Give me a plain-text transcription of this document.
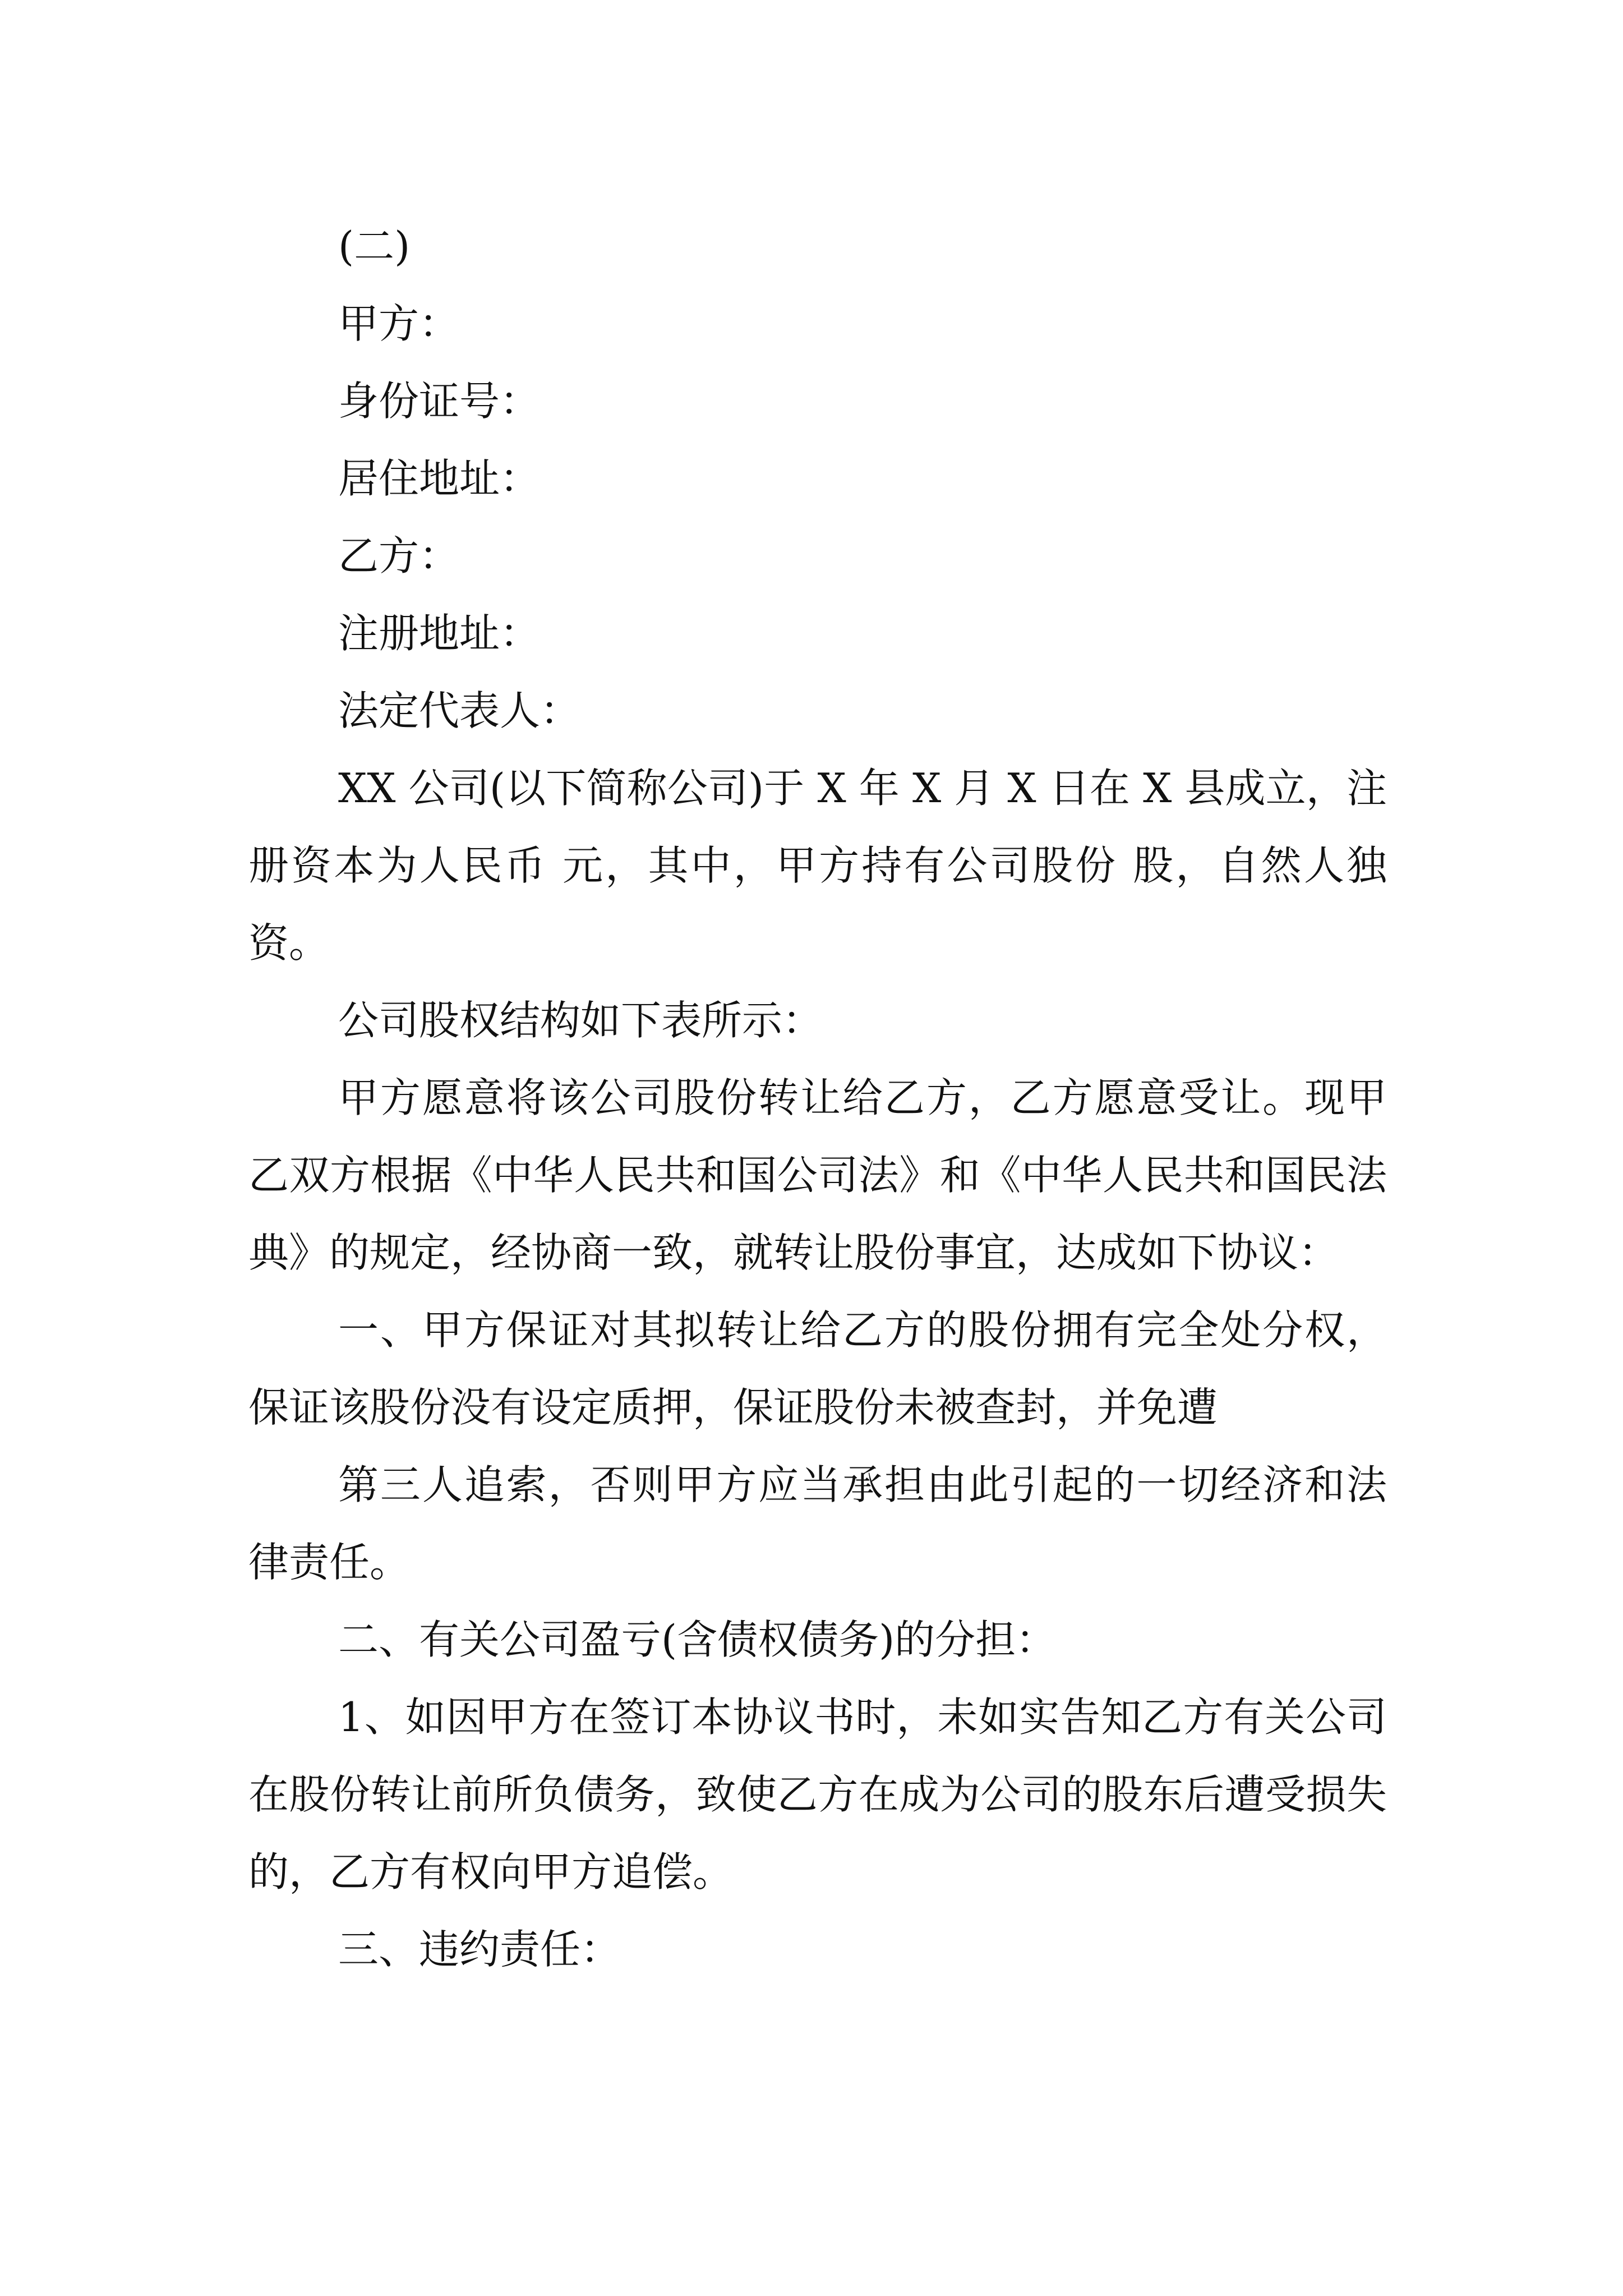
(二)

甲方：

身份证号：

居住地址：

乙方：

注册地址：

法定代表人：

XX 公司(以下简称公司)于 X 年 X 月 X 日在 X 县成立，注册资本为人民币 元，其中，甲方持有公司股份 股，自然人独资。

公司股权结构如下表所示：

甲方愿意将该公司股份转让给乙方，乙方愿意受让。现甲乙双方根据《中华人民共和国公司法》和《中华人民共和国民法典》的规定，经协商一致，就转让股份事宜，达成如下协议：

一、甲方保证对其拟转让给乙方的股份拥有完全处分权，保证该股份没有设定质押，保证股份未被查封，并免遭

第三人追索，否则甲方应当承担由此引起的一切经济和法律责任。

二、有关公司盈亏(含债权债务)的分担：

1、如因甲方在签订本协议书时，未如实告知乙方有关公司在股份转让前所负债务，致使乙方在成为公司的股东后遭受损失的，乙方有权向甲方追偿。

三、违约责任：
